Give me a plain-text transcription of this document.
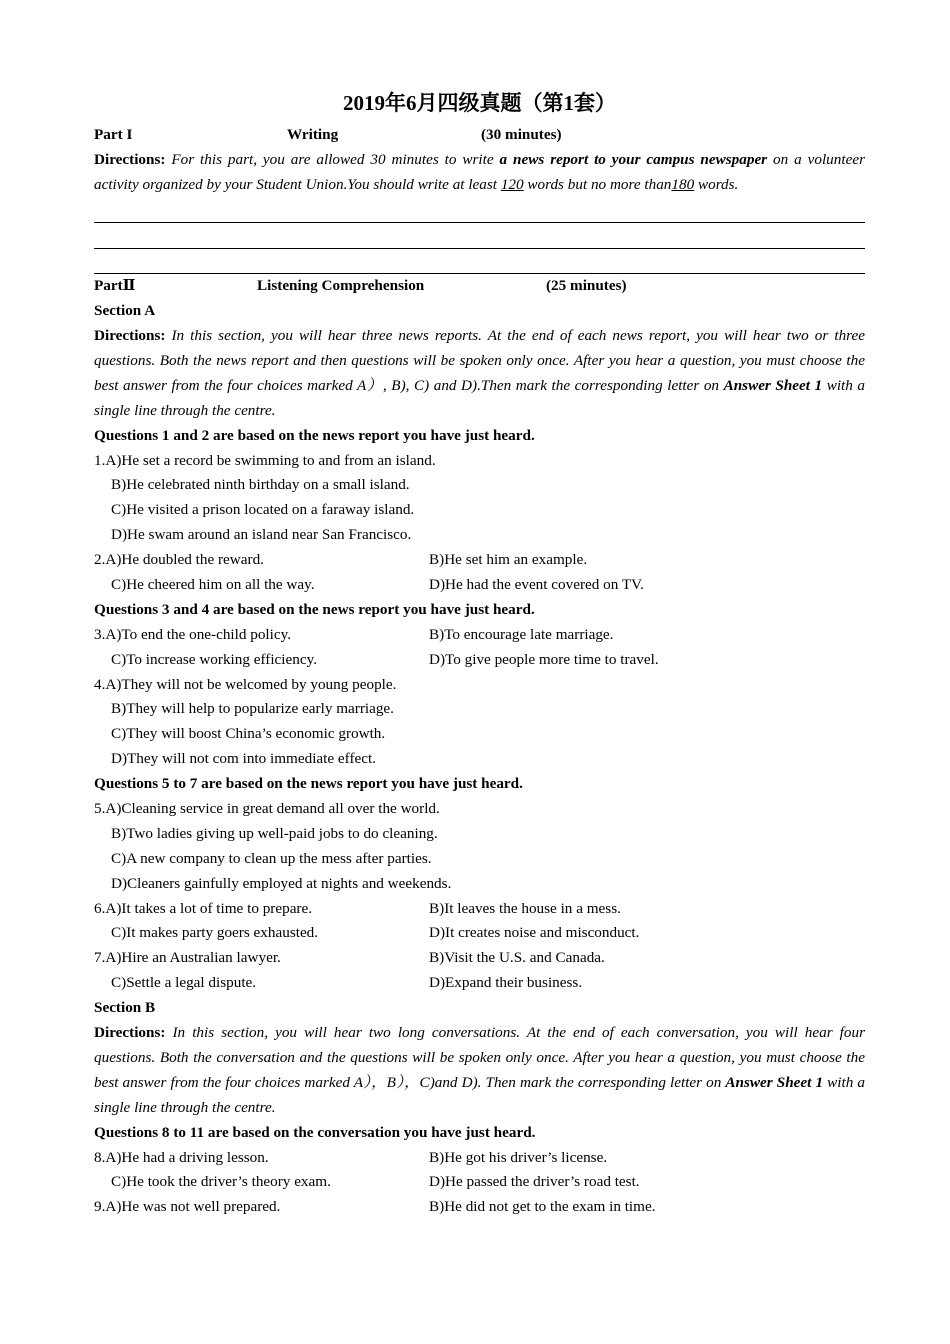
2019年6月四级真题（第1套）
Part I	Writing	(30 minutes)
Directions: For this part, you are allowed 30 minutes to write a news report to your campus newspaper on a volunteer activity organized by your Student Union.You should write at least 120 words but no more than180 words.
PartⅡ	Listening Comprehension	(25 minutes)
Section A
Directions: In this section, you will hear three news reports. At the end of each news report, you will hear two or three questions. Both the news report and then questions will be spoken only once. After you hear a question, you must choose the best answer from the four choices marked A）, B), C) and D).Then mark the corresponding letter on Answer Sheet 1 with a single line through the centre.
Questions 1 and 2 are based on the news report you have just heard.
1.A)He set a record be swimming to and from an island.
B)He celebrated ninth birthday on a small island.
C)He visited a prison located on a faraway island.
D)He swam around an island near San Francisco.
2.A)He doubled the reward.	B)He set him an example.
C)He cheered him on all the way.	D)He had the event covered on TV.
Questions 3 and 4 are based on the news report you have just heard.
3.A)To end the one-child policy.	B)To encourage late marriage.
C)To increase working efficiency.	D)To give people more time to travel.
4.A)They will not be welcomed by young people.
B)They will help to popularize early marriage.
C)They will boost China’s economic growth.
D)They will not com into immediate effect.
Questions 5 to 7 are based on the news report you have just heard.
5.A)Cleaning service in great demand all over the world.
B)Two ladies giving up well-paid jobs to do cleaning.
C)A new company to clean up the mess after parties.
D)Cleaners gainfully employed at nights and weekends.
6.A)It takes a lot of time to prepare.	B)It leaves the house in a mess.
C)It makes party goers exhausted.	D)It creates noise and misconduct.
7.A)Hire an Australian lawyer.	B)Visit the U.S. and Canada.
C)Settle a legal dispute.	D)Expand their business.
Section B
Directions: In this section, you will hear two long conversations. At the end of each conversation, you will hear four questions. Both the conversation and the questions will be spoken only once. After you hear a question, you must choose the best answer from the four choices marked A），B），C)and D). Then mark the corresponding letter on Answer Sheet 1 with a single line through the centre.
Questions 8 to 11 are based on the conversation you have just heard.
8.A)He had a driving lesson.	B)He got his driver’s license.
C)He took the driver’s theory exam.	D)He passed the driver’s road test.
9.A)He was not well prepared.	B)He did not get to the exam in time.
